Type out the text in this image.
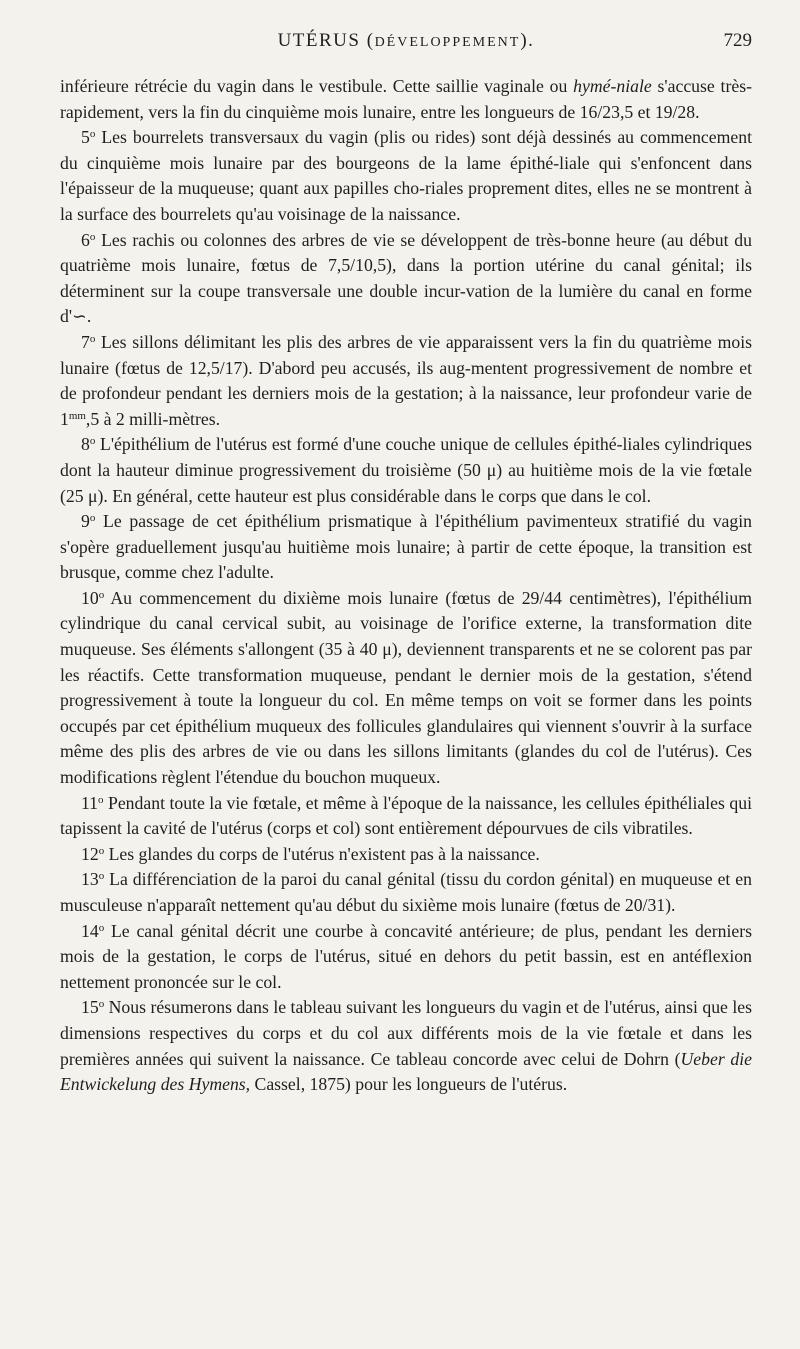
UTÉRUS (DÉVELOPPEMENT).	729

inférieure rétrécie du vagin dans le vestibule. Cette saillie vaginale ou hymé-niale s'accuse très-rapidement, vers la fin du cinquième mois lunaire, entre les longueurs de 16/23,5 et 19/28.

5$^o$ Les bourrelets transversaux du vagin (plis ou rides) sont déjà dessinés au commencement du cinquième mois lunaire par des bourgeons de la lame épithé-liale qui s'enfoncent dans l'épaisseur de la muqueuse; quant aux papilles cho-riales proprement dites, elles ne se montrent à la surface des bourrelets qu'au voisinage de la naissance.

6$^o$ Les rachis ou colonnes des arbres de vie se développent de très-bonne heure (au début du quatrième mois lunaire, fœtus de 7,5/10,5), dans la portion utérine du canal génital; ils déterminent sur la coupe transversale une double incur-vation de la lumière du canal en forme d'∽.

7$^o$ Les sillons délimitant les plis des arbres de vie apparaissent vers la fin du quatrième mois lunaire (fœtus de 12,5/17). D'abord peu accusés, ils aug-mentent progressivement de nombre et de profondeur pendant les derniers mois de la gestation; à la naissance, leur profondeur varie de $1^{mm},5$ à 2 milli-mètres.

8$^o$ L'épithélium de l'utérus est formé d'une couche unique de cellules épithé-liales cylindriques dont la hauteur diminue progressivement du troisième (50 μ) au huitième mois de la vie fœtale (25 μ). En général, cette hauteur est plus considérable dans le corps que dans le col.

9$^o$ Le passage de cet épithélium prismatique à l'épithélium pavimenteux stratifié du vagin s'opère graduellement jusqu'au huitième mois lunaire; à partir de cette époque, la transition est brusque, comme chez l'adulte.

10$^o$ Au commencement du dixième mois lunaire (fœtus de 29/44 centimètres), l'épithélium cylindrique du canal cervical subit, au voisinage de l'orifice externe, la transformation dite muqueuse. Ses éléments s'allongent (35 à 40 μ), deviennent transparents et ne se colorent pas par les réactifs. Cette transformation muqueuse, pendant le dernier mois de la gestation, s'étend progressivement à toute la longueur du col. En même temps on voit se former dans les points occupés par cet épithélium muqueux des follicules glandulaires qui viennent s'ouvrir à la surface même des plis des arbres de vie ou dans les sillons limitants (glandes du col de l'utérus). Ces modifications règlent l'étendue du bouchon muqueux.

11$^o$ Pendant toute la vie fœtale, et même à l'époque de la naissance, les cellules épithéliales qui tapissent la cavité de l'utérus (corps et col) sont entièrement dépourvues de cils vibratiles.

12$^o$ Les glandes du corps de l'utérus n'existent pas à la naissance.

13$^o$ La différenciation de la paroi du canal génital (tissu du cordon génital) en muqueuse et en musculeuse n'apparaît nettement qu'au début du sixième mois lunaire (fœtus de 20/31).

14$^o$ Le canal génital décrit une courbe à concavité antérieure; de plus, pendant les derniers mois de la gestation, le corps de l'utérus, situé en dehors du petit bassin, est en antéflexion nettement prononcée sur le col.

15$^o$ Nous résumerons dans le tableau suivant les longueurs du vagin et de l'utérus, ainsi que les dimensions respectives du corps et du col aux différents mois de la vie fœtale et dans les premières années qui suivent la naissance. Ce tableau concorde avec celui de Dohrn (Ueber die Entwickelung des Hymens, Cassel, 1875) pour les longueurs de l'utérus.
